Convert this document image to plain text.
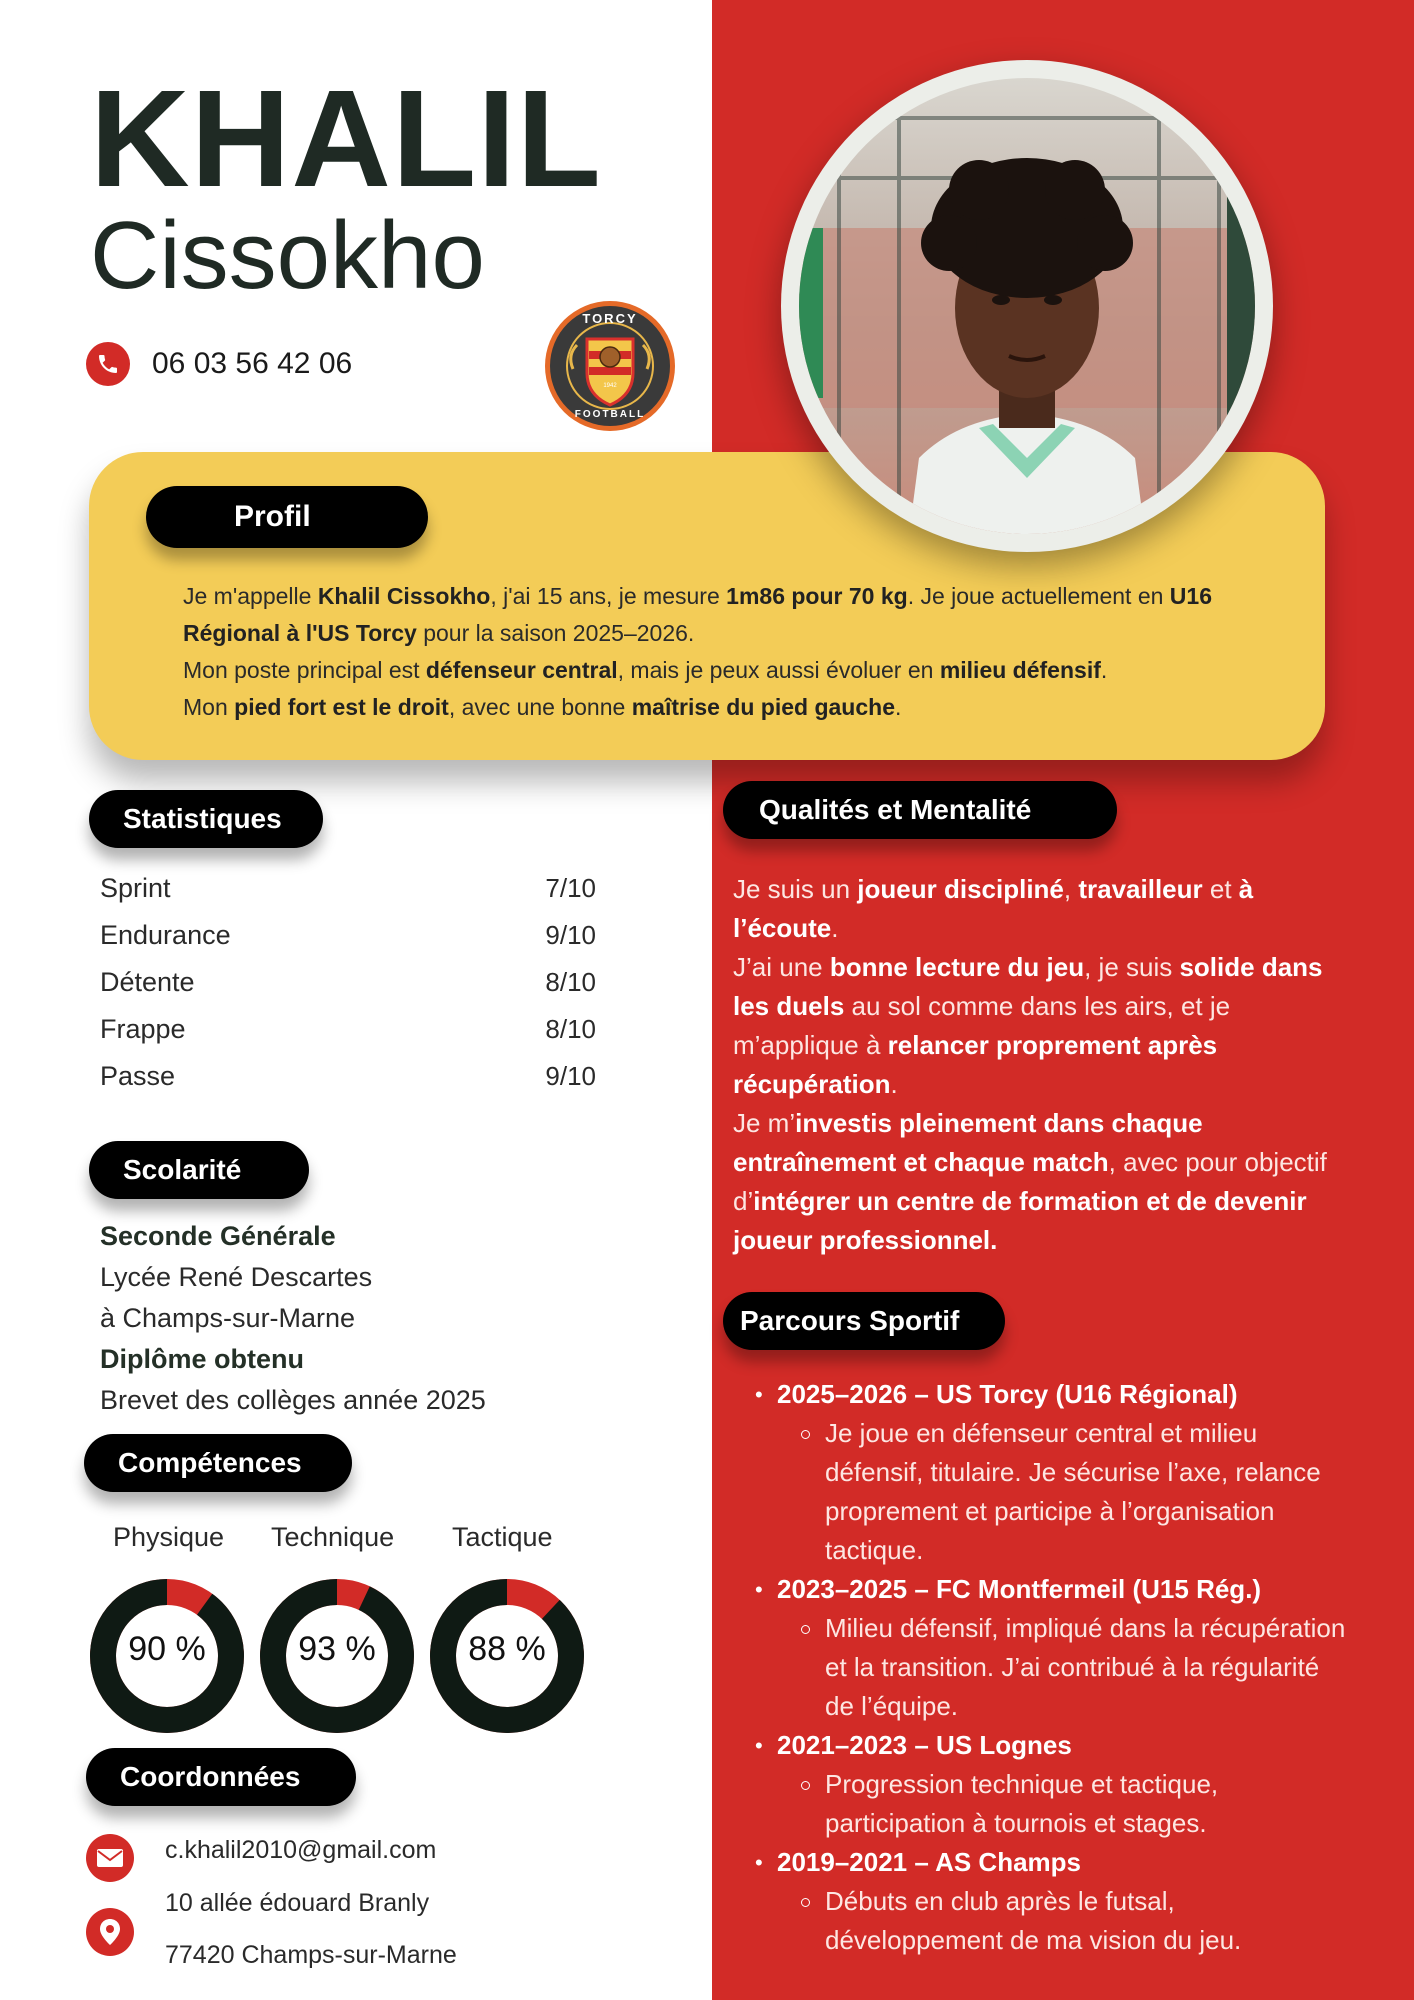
KHALIL
Cissokho
06 03 56 42 06
TORCY
1942
FOOTBALL
Profil
Je m'appelle Khalil Cissokho, j'ai 15 ans, je mesure 1m86 pour 70 kg. Je joue actuellement en U16 Régional à l'US Torcy pour la saison 2025–2026.
Mon poste principal est défenseur central, mais je peux aussi évoluer en milieu défensif.
Mon pied fort est le droit, avec une bonne maîtrise du pied gauche.
Statistiques
Sprint	7/10
Endurance	9/10
Détente	8/10
Frappe	8/10
Passe	9/10
Scolarité
Seconde Générale
Lycée René Descartes
à Champs-sur-Marne
Diplôme obtenu
Brevet des collèges année 2025
Compétences
Physique Technique Tactique
90 %	93 %	88 %
Coordonnées
c.khalil2010@gmail.com
10 allée édouard Branly
77420 Champs-sur-Marne
Qualités et Mentalité
Je suis un joueur discipliné, travailleur et à l’écoute.
J’ai une bonne lecture du jeu, je suis solide dans les duels au sol comme dans les airs, et je m’applique à relancer proprement après récupération.
Je m’investis pleinement dans chaque entraînement et chaque match, avec pour objectif d’intégrer un centre de formation et de devenir joueur professionnel.
Parcours Sportif
• 2025–2026 – US Torcy (U16 Régional)
Je joue en défenseur central et milieu défensif, titulaire. Je sécurise l’axe, relance proprement et participe à l’organisation tactique.
• 2023–2025 – FC Montfermeil (U15 Rég.)
Milieu défensif, impliqué dans la récupération et la transition. J’ai contribué à la régularité de l’équipe.
• 2021–2023 – US Lognes
Progression technique et tactique, participation à tournois et stages.
• 2019–2021 – AS Champs
Débuts en club après le futsal, développement de ma vision du jeu.
